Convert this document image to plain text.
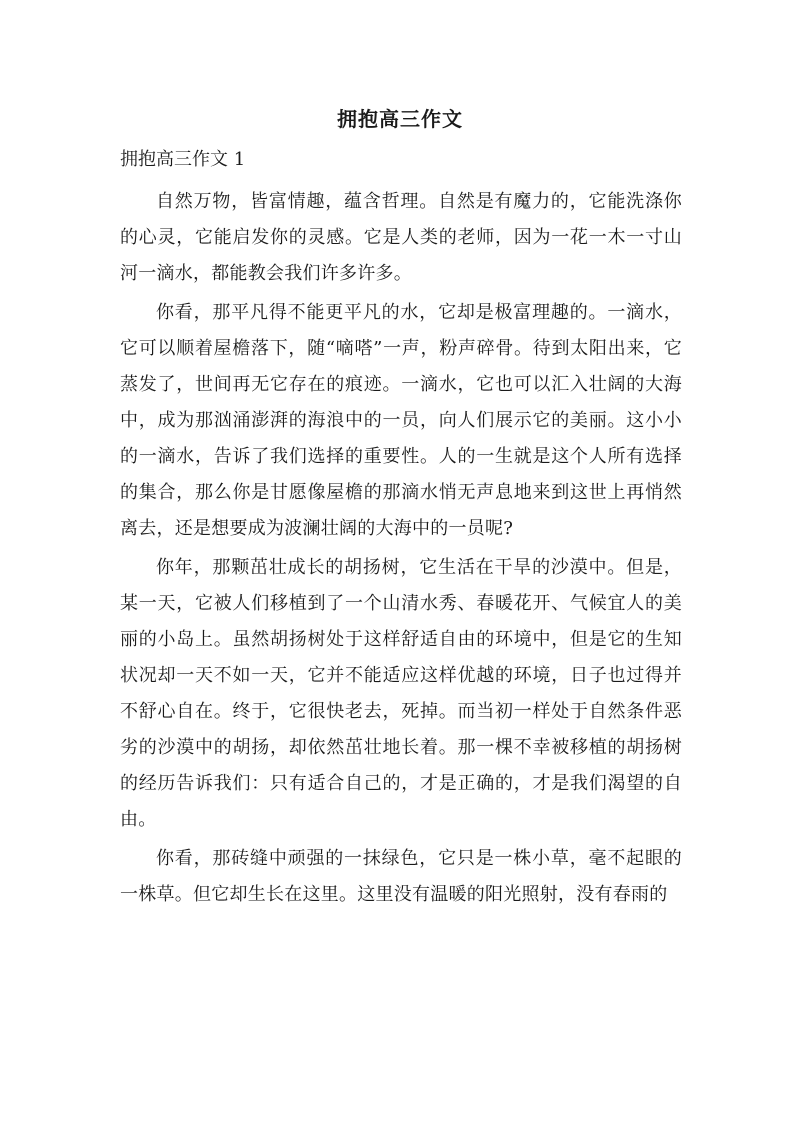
拥抱高三作文
拥抱高三作文 1

自然万物，皆富情趣，蕴含哲理。自然是有魔力的，它能洗涤你的心灵，它能启发你的灵感。它是人类的老师，因为一花一木一寸山河一滴水，都能教会我们许多许多。

你看，那平凡得不能更平凡的水，它却是极富理趣的。一滴水，它可以顺着屋檐落下，随“嘀嗒”一声，粉声碎骨。待到太阳出来，它蒸发了，世间再无它存在的痕迹。一滴水，它也可以汇入壮阔的大海中，成为那汹涌澎湃的海浪中的一员，向人们展示它的美丽。这小小的一滴水，告诉了我们选择的重要性。人的一生就是这个人所有选择的集合，那么你是甘愿像屋檐的那滴水悄无声息地来到这世上再悄然离去，还是想要成为波澜壮阔的大海中的一员呢?

你年，那颗茁壮成长的胡扬树，它生活在干旱的沙漠中。但是，某一天，它被人们移植到了一个山清水秀、春暖花开、气候宜人的美丽的小岛上。虽然胡扬树处于这样舒适自由的环境中，但是它的生知状况却一天不如一天，它并不能适应这样优越的环境，日子也过得并不舒心自在。终于，它很快老去，死掉。而当初一样处于自然条件恶劣的沙漠中的胡扬，却依然茁壮地长着。那一棵不幸被移植的胡扬树的经历告诉我们：只有适合自己的，才是正确的，才是我们渴望的自由。

你看，那砖缝中顽强的一抹绿色，它只是一株小草，毫不起眼的一株草。但它却生长在这里。这里没有温暖的阳光照射，没有春雨的
